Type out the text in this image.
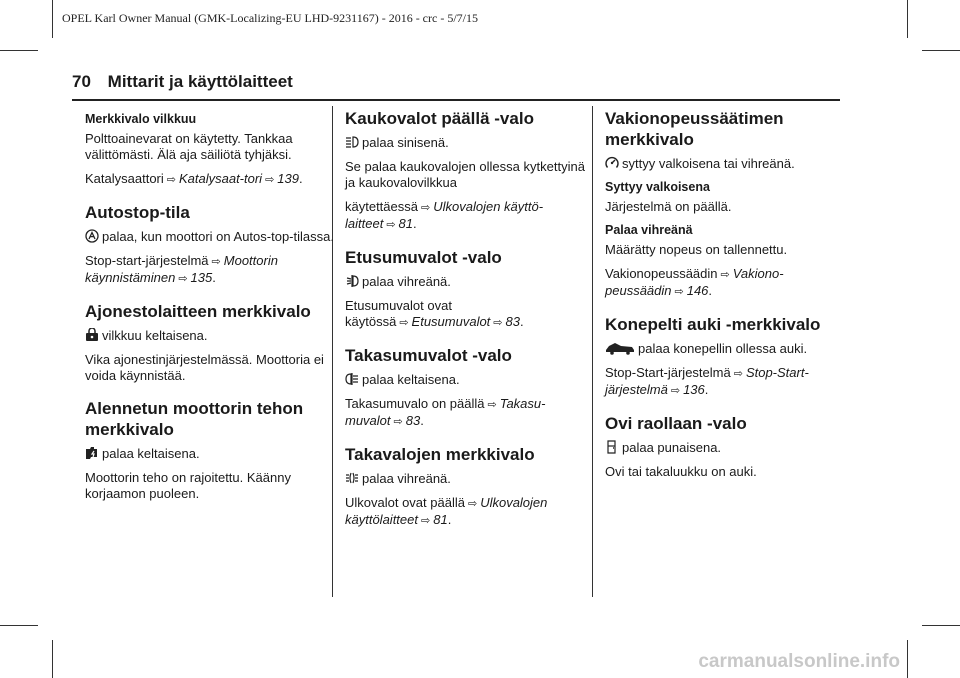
OPEL Karl Owner Manual (GMK-Localizing-EU LHD-9231167) - 2016 - crc - 5/7/15
70 Mittarit ja käyttölaitteet
Merkkivalo vilkkuu

Polttoainevarat on käytetty. Tankkaa välittömästi. Älä aja säiliötä tyhjäksi.

Katalysaattori ⇨ Katalysaat-tori ⇨ 139.

Autostop-tila

palaa, kun moottori on Autos-top-tilassa.

Stop-start-järjestelmä ⇨ Moottorin käynnistäminen ⇨ 135.

Ajonestolaitteen merkkivalo

vilkkuu keltaisena.

Vika ajonestinjärjestelmässä. Moottoria ei voida käynnistää.

Alennetun moottorin tehon merkkivalo

palaa keltaisena.

Moottorin teho on rajoitettu. Käänny korjaamon puoleen.

Kaukovalot päällä -valo

palaa sinisenä.

Se palaa kaukovalojen ollessa kytkettyinä ja kaukovalovilkkua

käytettäessä ⇨ Ulkovalojen käyttö-laitteet ⇨ 81.

Etusumuvalot -valo

palaa vihreänä.

Etusumuvalot ovat käytössä ⇨ Etusumuvalot ⇨ 83.

Takasumuvalot -valo

palaa keltaisena.

Takasumuvalo on päällä ⇨ Takasu-muvalot ⇨ 83.

Takavalojen merkkivalo

palaa vihreänä.

Ulkovalot ovat päällä ⇨ Ulkovalojen käyttölaitteet ⇨ 81.

Vakionopeussäätimen merkkivalo

syttyy valkoisena tai vihreänä.

Syttyy valkoisena

Järjestelmä on päällä.

Palaa vihreänä

Määrätty nopeus on tallennettu.

Vakionopeussäädin ⇨ Vakiono-peussäädin ⇨ 146.

Konepelti auki -merkkivalo

palaa konepellin ollessa auki.

Stop-Start-järjestelmä ⇨ Stop-Start-järjestelmä ⇨ 136.

Ovi raollaan -valo

palaa punaisena.

Ovi tai takaluukku on auki.

carmanualsonline.info
